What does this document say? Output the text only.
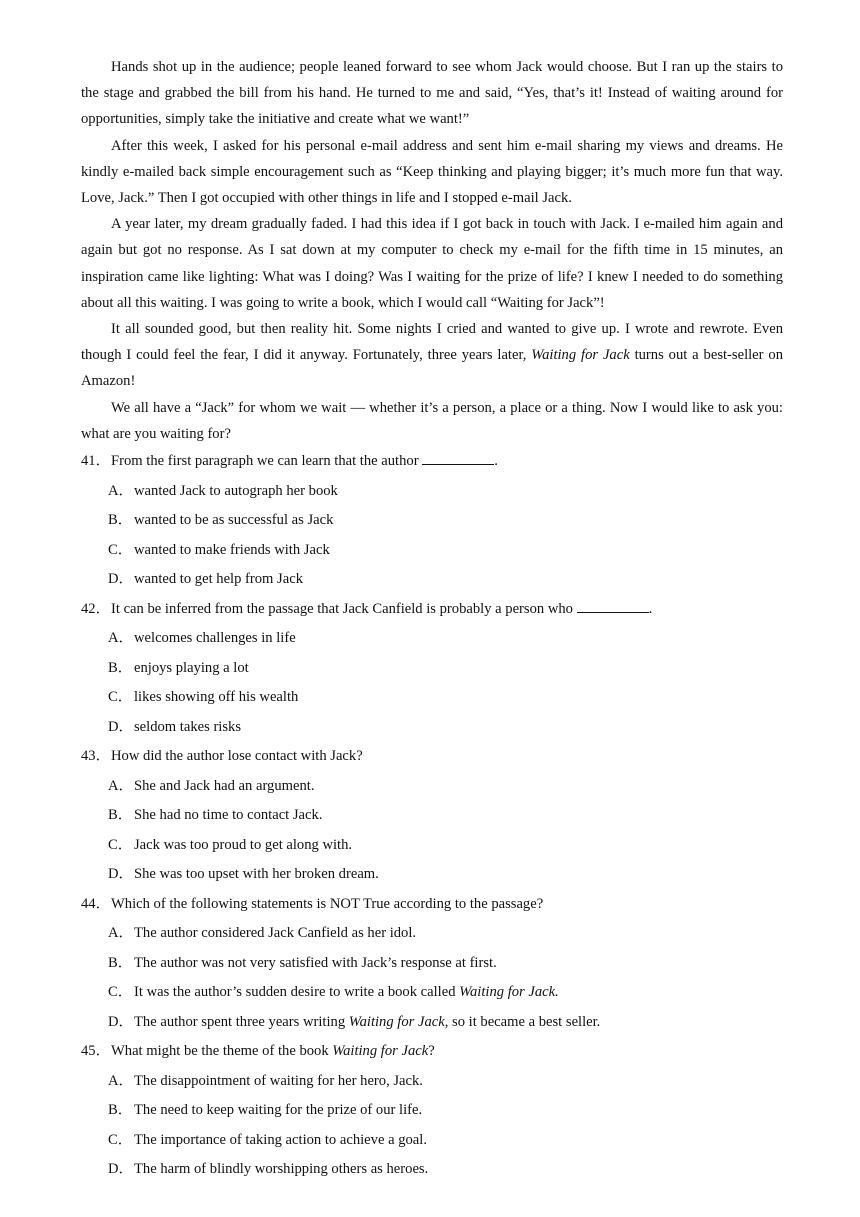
Hands shot up in the audience; people leaned forward to see whom Jack would choose. But I ran up the stairs to the stage and grabbed the bill from his hand. He turned to me and said, “Yes, that’s it! Instead of waiting around for opportunities, simply take the initiative and create what we want!”

After this week, I asked for his personal e-mail address and sent him e-mail sharing my views and dreams. He kindly e-mailed back simple encouragement such as “Keep thinking and playing bigger; it’s much more fun that way. Love, Jack.” Then I got occupied with other things in life and I stopped e-mail Jack.

A year later, my dream gradually faded. I had this idea if I got back in touch with Jack. I e-mailed him again and again but got no response. As I sat down at my computer to check my e-mail for the fifth time in 15 minutes, an inspiration came like lighting: What was I doing? Was I waiting for the prize of life? I knew I needed to do something about all this waiting. I was going to write a book, which I would call “Waiting for Jack”!

It all sounded good, but then reality hit. Some nights I cried and wanted to give up. I wrote and rewrote. Even though I could feel the fear, I did it anyway. Fortunately, three years later, Waiting for Jack turns out a best-seller on Amazon!

We all have a “Jack” for whom we wait — whether it’s a person, a place or a thing. Now I would like to ask you: what are you waiting for?

41．From the first paragraph we can learn that the author	.

A．wanted Jack to autograph her book

B． wanted to be as successful as Jack

C． wanted to make friends with Jack

D．wanted to get help from Jack

42．It can be inferred from the passage that Jack Canfield is probably a person who	.

A．welcomes challenges in life

B． enjoys playing a lot

C． likes showing off his wealth

D．seldom takes risks

43．How did the author lose contact with Jack?

A．She and Jack had an argument.

B． She had no time to contact Jack.

C． Jack was too proud to get along with.

D．She was too upset with her broken dream.

44．Which of the following statements is NOT True according to the passage?

A．The author considered Jack Canfield as her idol.

B． The author was not very satisfied with Jack’s response at first.

C． It was the author’s sudden desire to write a book called Waiting for Jack.

D．The author spent three years writing Waiting for Jack, so it became a best seller.

45．What might be the theme of the book Waiting for Jack?

A．The disappointment of waiting for her hero, Jack.

B． The need to keep waiting for the prize of our life.

C． The importance of taking action to achieve a goal.

D．The harm of blindly worshipping others as heroes.
